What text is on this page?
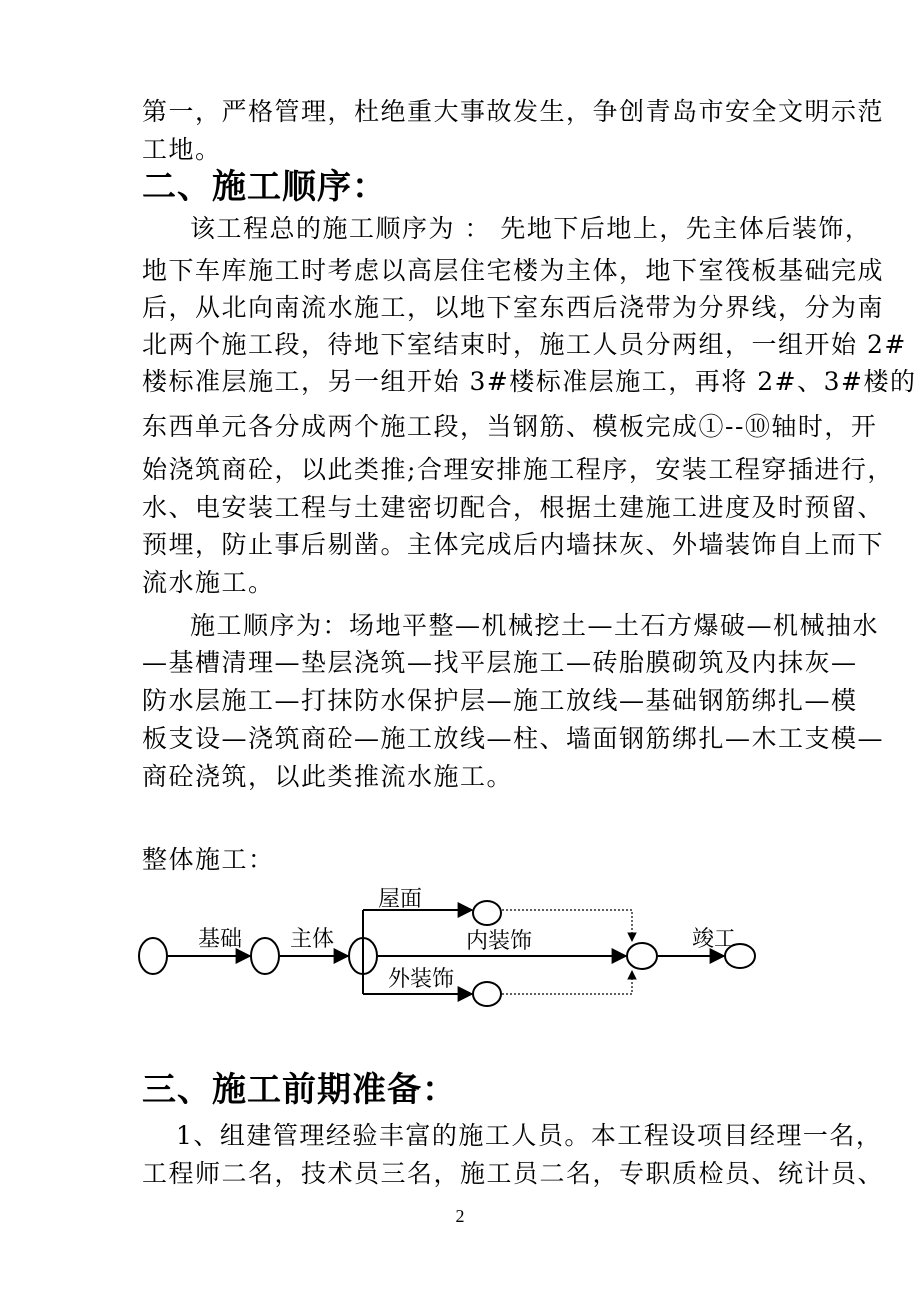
第一，严格管理，杜绝重大事故发生，争创青岛市安全文明示范
工地。
二、施工顺序：
该工程总的施工顺序为 ： 先地下后地上，先主体后装饰，
地下车库施工时考虑以高层住宅楼为主体，地下室筏板基础完成
后，从北向南流水施工，以地下室东西后浇带为分界线，分为南
北两个施工段，待地下室结束时，施工人员分两组，一组开始 2#
楼标准层施工，另一组开始 3#楼标准层施工，再将 2#、3#楼的
东西单元各分成两个施工段，当钢筋、模板完成①--⑩轴时，开
始浇筑商砼，以此类推;合理安排施工程序，安装工程穿插进行，
水、电安装工程与土建密切配合，根据土建施工进度及时预留、
预埋，防止事后剔凿。主体完成后内墙抹灰、外墙装饰自上而下
流水施工。
施工顺序为：场地平整—机械挖土—土石方爆破—机械抽水
—基槽清理—垫层浇筑—找平层施工—砖胎膜砌筑及内抹灰—
防水层施工—打抹防水保护层—施工放线—基础钢筋绑扎—模
板支设—浇筑商砼—施工放线—柱、墙面钢筋绑扎—木工支模—
商砼浇筑，以此类推流水施工。
整体施工：
基础 主体
屋面
内装饰
外装饰
竣工
三、施工前期准备：
1、组建管理经验丰富的施工人员。本工程设项目经理一名，
工程师二名，技术员三名，施工员二名，专职质检员、统计员、
2
